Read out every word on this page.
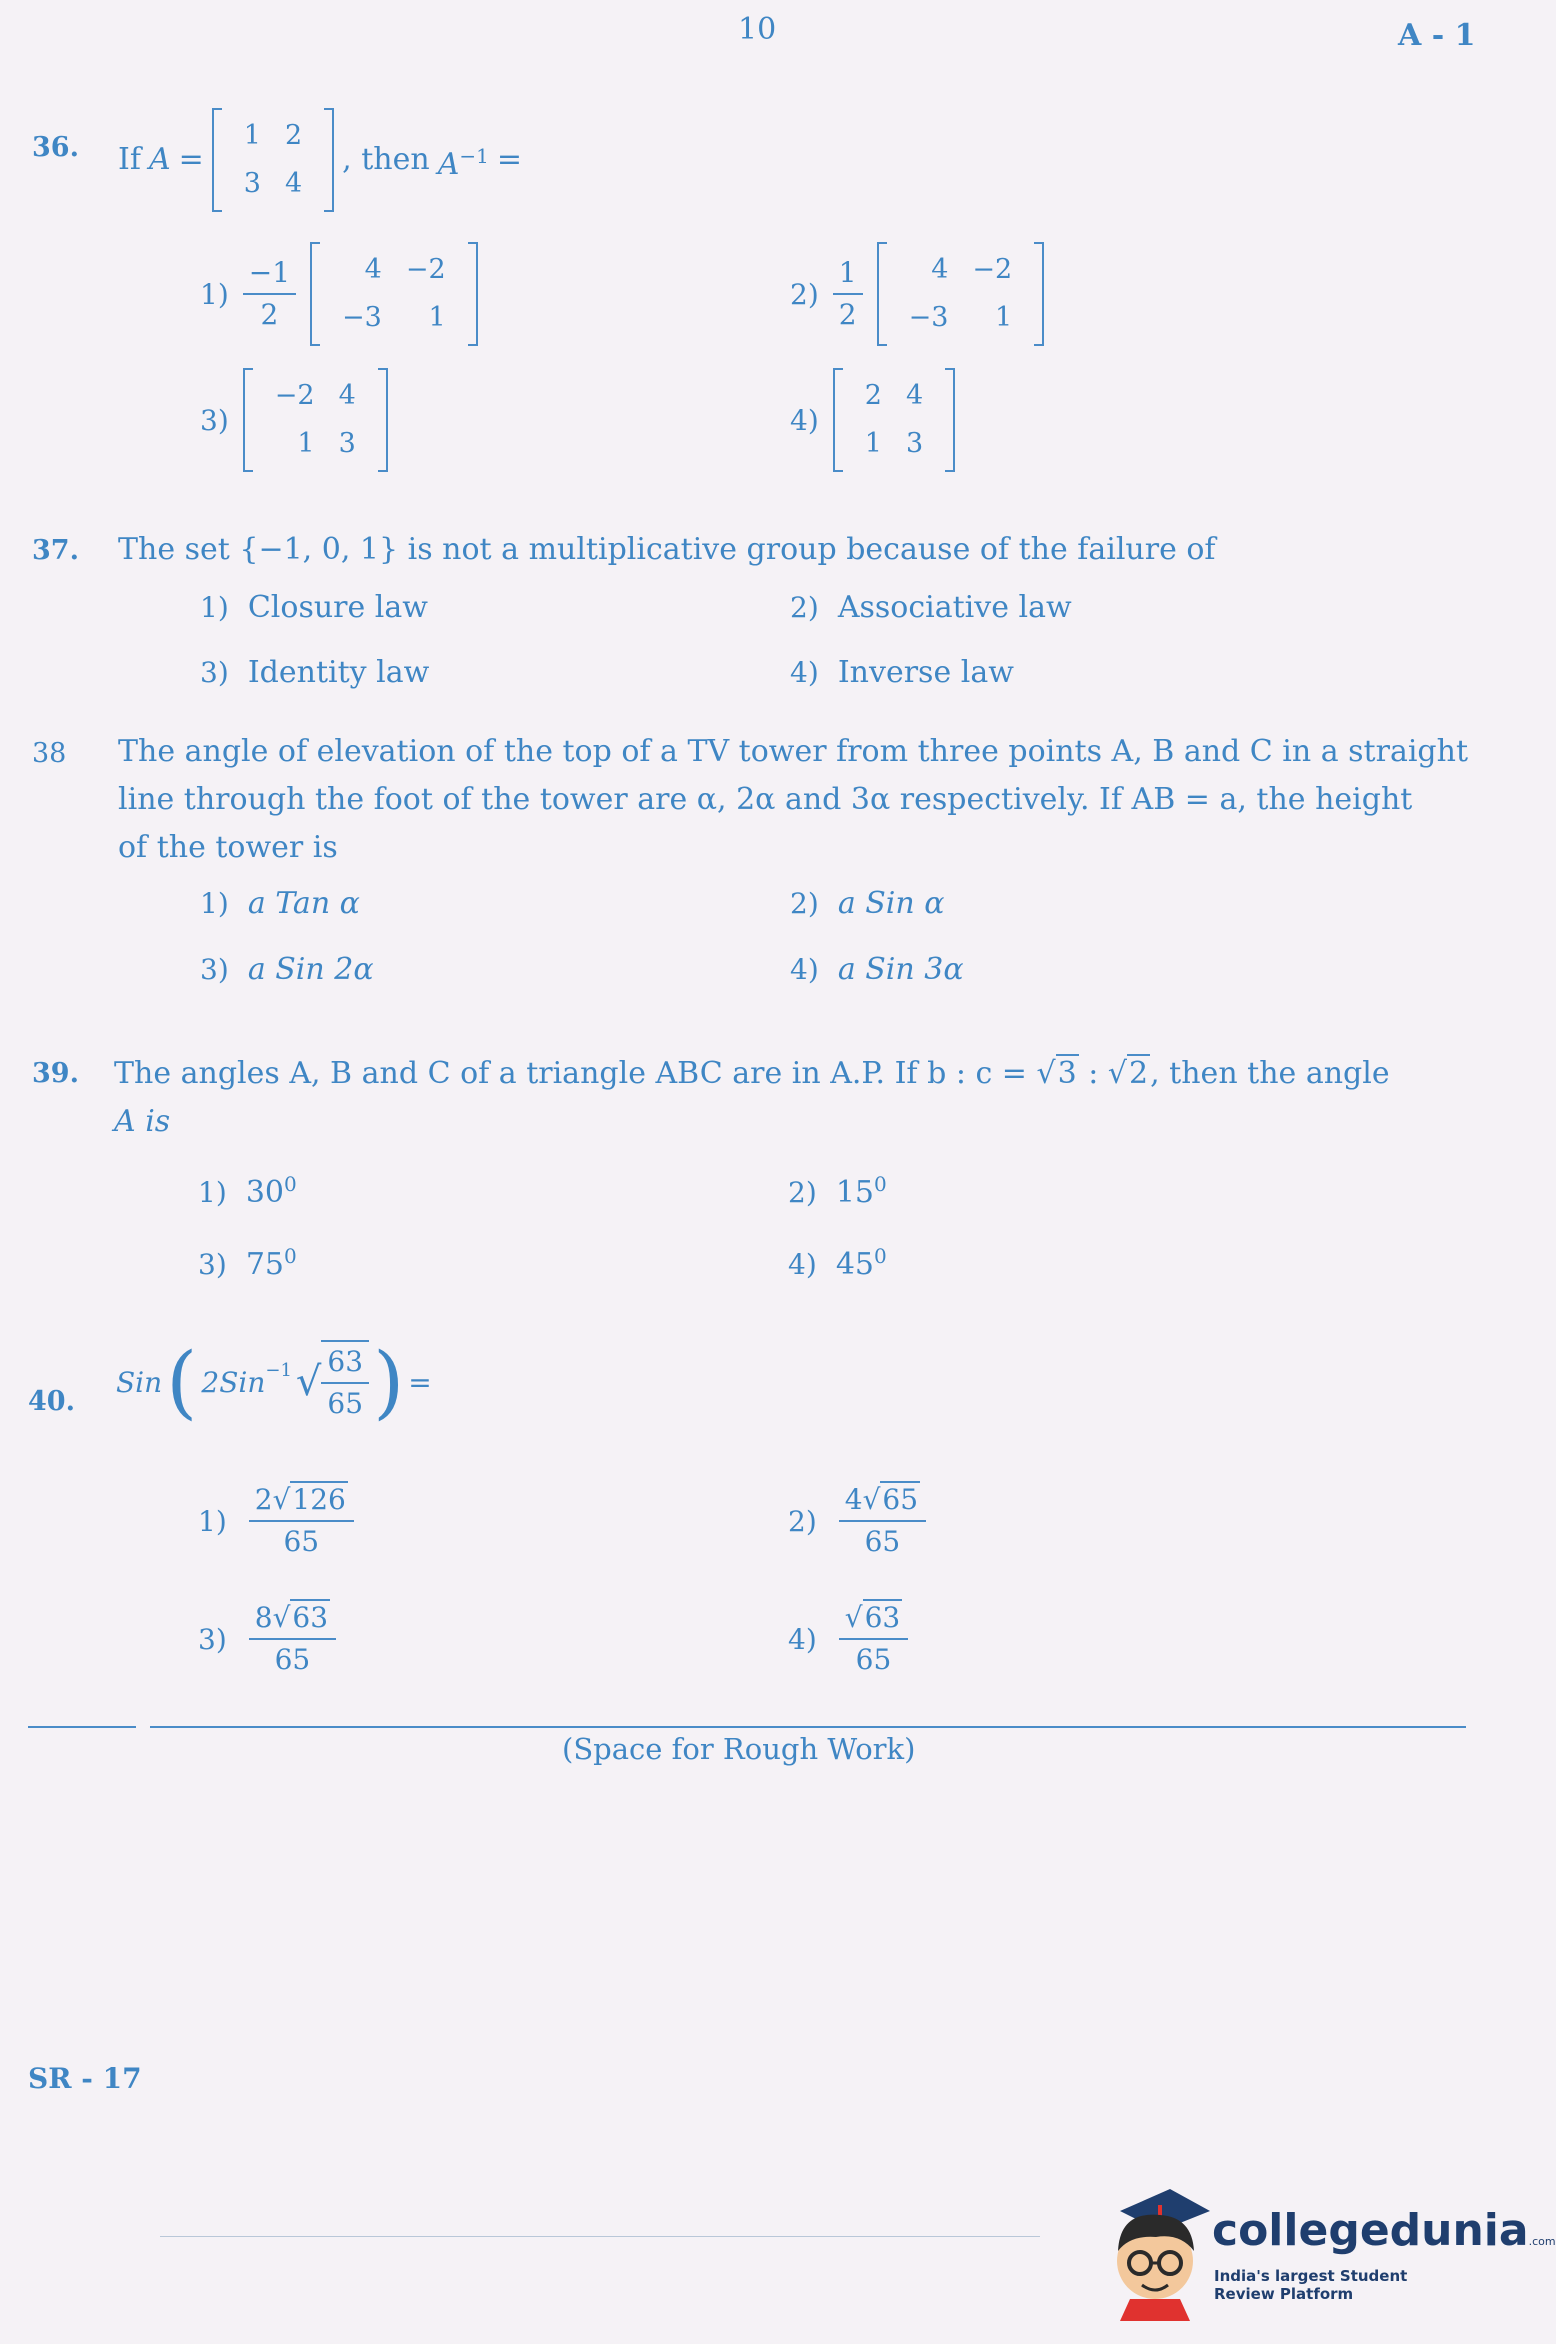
10	A - 1
36. If A =
1	2
3	4
, then $A^{-1}$ =
$1) \frac{-1}{2}$	4	−2
−3	1
$2) \frac{1}{2}$	4	−2
−3	1
3)
−2	4
1	3
4)
2	4
1	3
37. The set {−1, 0, 1} is not a multiplicative group because of the failure of
1) Closure law	2) Associative law
3) Identity law	4) Inverse law
38 The angle of elevation of the top of a TV tower from three points A, B and C in a straight
line through the foot of the tower are α, 2α and 3α respectively. If AB = a, the height
of the tower is
1) a Tan α	2) a Sin α
3) a Sin 2α	4) a Sin 3α
39. The angles A, B and C of a triangle ABC are in A.P. If b : c = √3 : √2, then the angle
A is
1) $30^0$	2) $15^0$
3) $75^0$	4) $45^0$
40.
Sin ( 2Sin$^{-1}$ √ $\frac{63}{65}$ ) =
$1) \frac{2√126}{65}$	$2) \frac{4√65}{65}$
$3) \frac{8√63}{65}$	$4) \frac{√63}{65}$
(Space for Rough Work)
SR - 17
collegedunia.com
India's largest Student Review Platform
